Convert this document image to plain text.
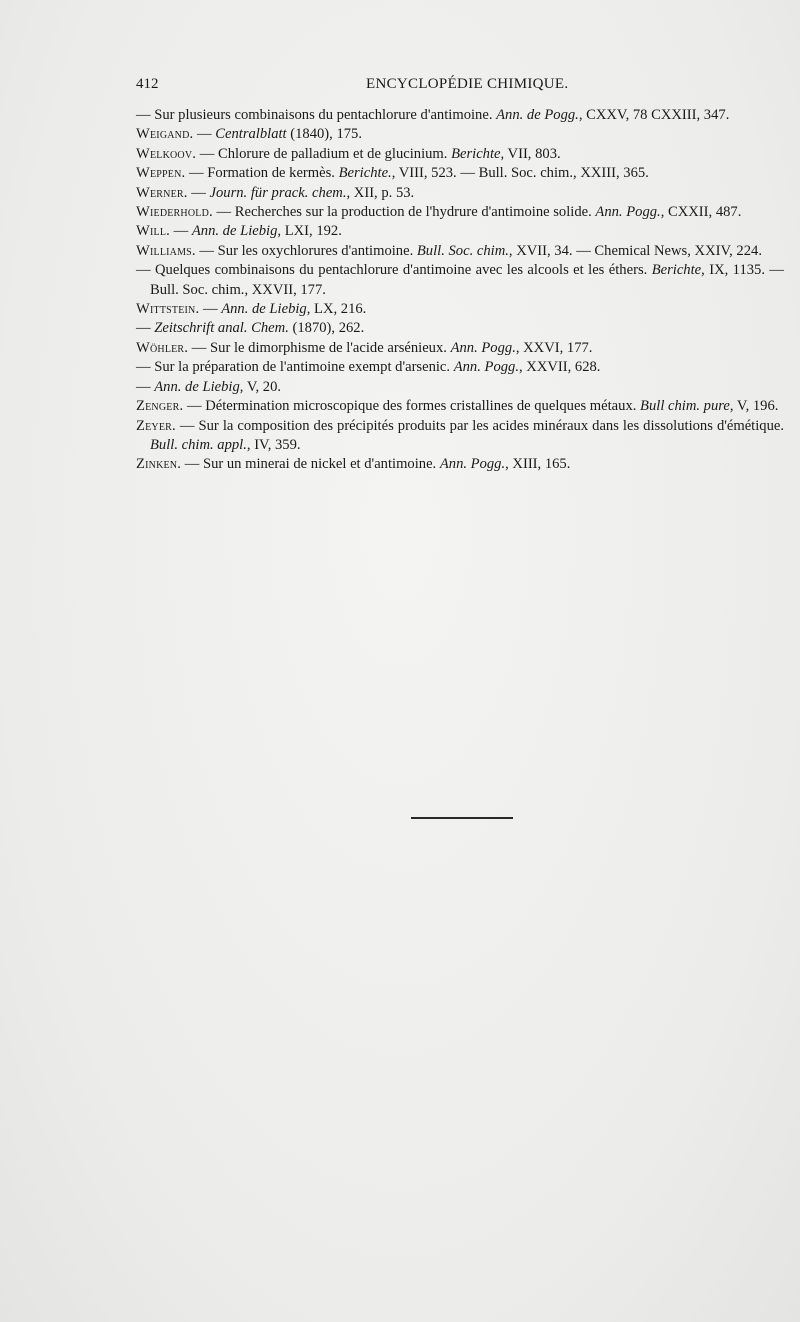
412	ENCYCLOPÉDIE CHIMIQUE.

— Sur plusieurs combinaisons du pentachlorure d'antimoine. Ann. de Pogg., CXXV, 78 CXXIII, 347.

Weigand. — Centralblatt (1840), 175.

Welkoov. — Chlorure de palladium et de glucinium. Berichte, VII, 803.

Weppen. — Formation de kermès. Berichte., VIII, 523. — Bull. Soc. chim., XXIII, 365.

Werner. — Journ. für prack. chem., XII, p. 53.

Wiederhold. — Recherches sur la production de l'hydrure d'antimoine solide. Ann. Pogg., CXXII, 487.

Will. — Ann. de Liebig, LXI, 192.

Williams. — Sur les oxychlorures d'antimoine. Bull. Soc. chim., XVII, 34. — Chemical News, XXIV, 224.

— Quelques combinaisons du pentachlorure d'antimoine avec les alcools et les éthers. Berichte, IX, 1135. — Bull. Soc. chim., XXVII, 177.

Wittstein. — Ann. de Liebig, LX, 216.

— Zeitschrift anal. Chem. (1870), 262.

Wöhler. — Sur le dimorphisme de l'acide arsénieux. Ann. Pogg., XXVI, 177.

— Sur la préparation de l'antimoine exempt d'arsenic. Ann. Pogg., XXVII, 628.

— Ann. de Liebig, V, 20.

Zenger. — Détermination microscopique des formes cristallines de quelques métaux. Bull chim. pure, V, 196.

Zeyer. — Sur la composition des précipités produits par les acides minéraux dans les dissolutions d'émétique. Bull. chim. appl., IV, 359.

Zinken. — Sur un minerai de nickel et d'antimoine. Ann. Pogg., XIII, 165.
